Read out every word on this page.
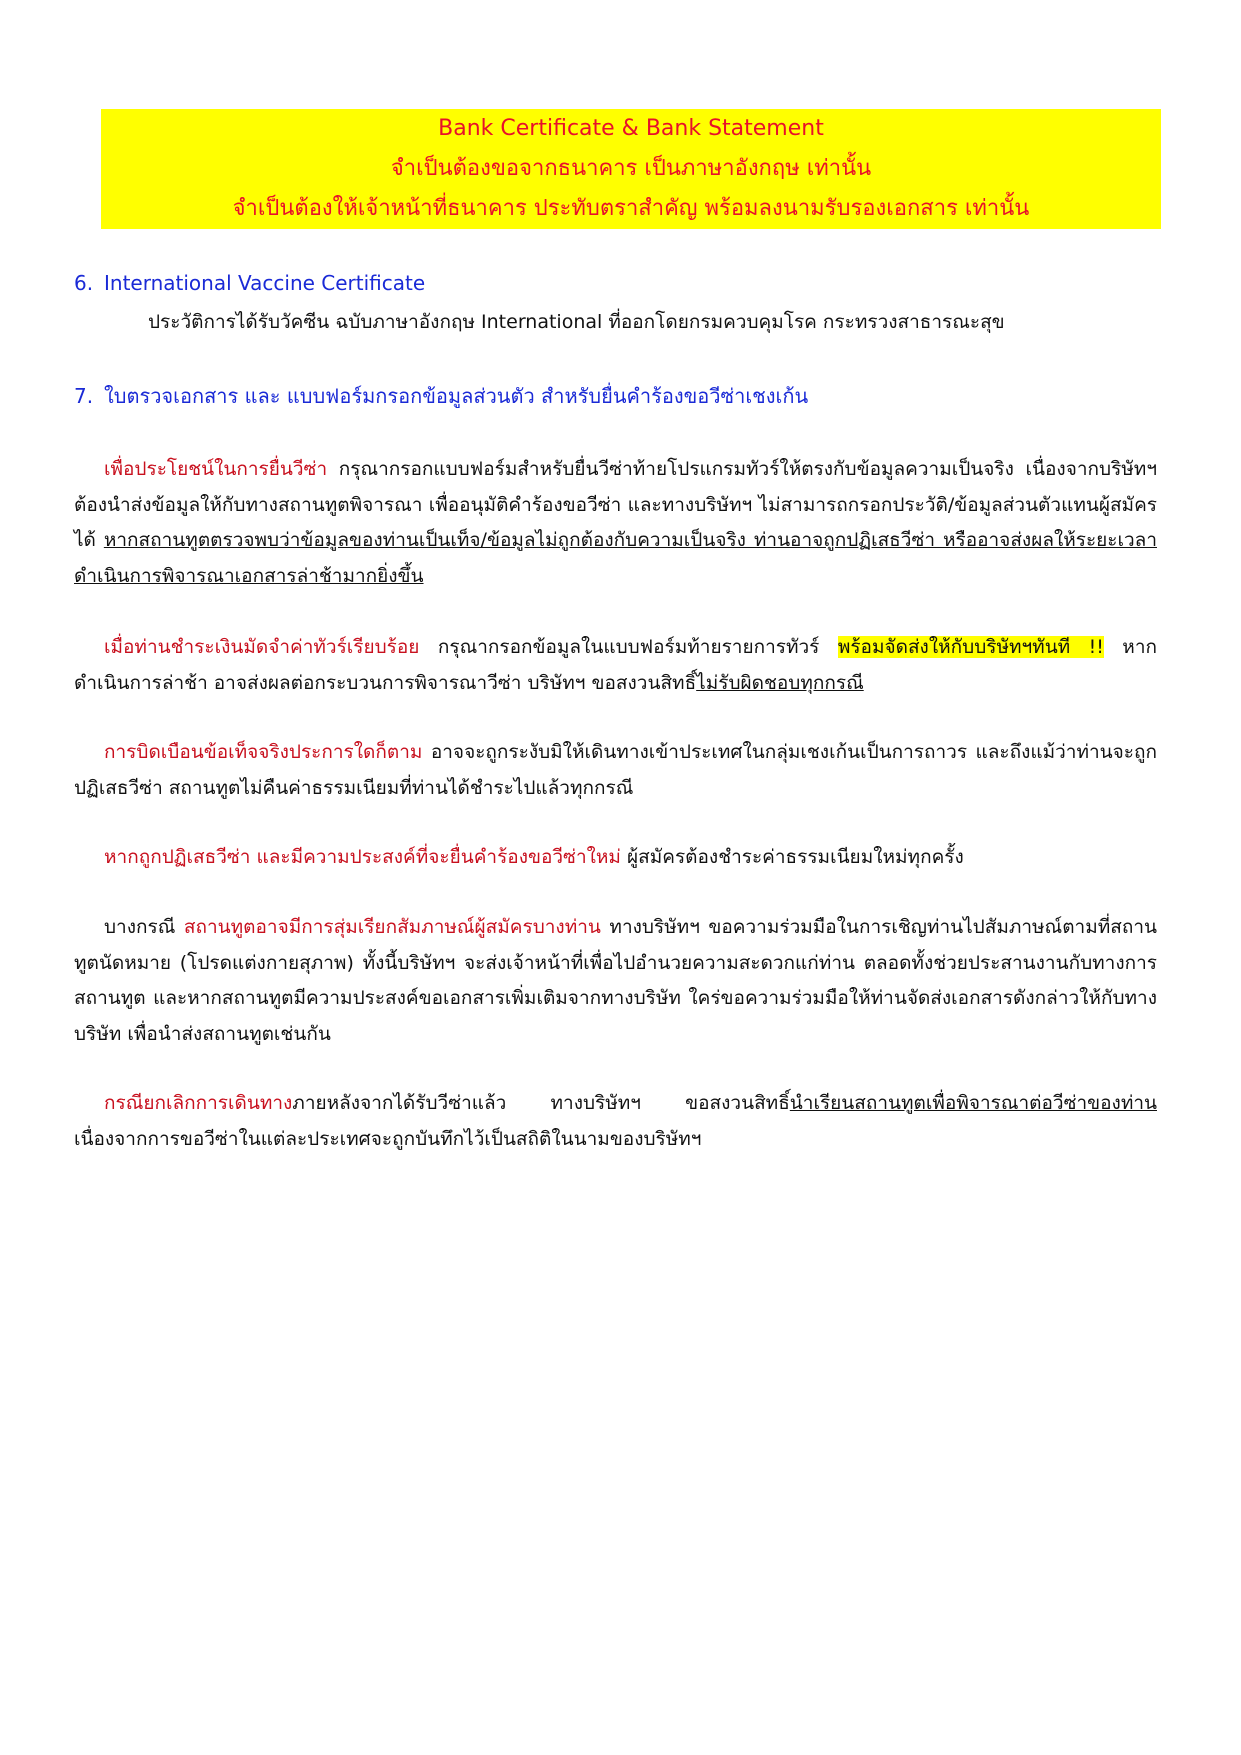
Bank Certificate & Bank Statement
จำเป็นต้องขอจากธนาคาร เป็นภาษาอังกฤษ เท่านั้น
จำเป็นต้องให้เจ้าหน้าที่ธนาคาร ประทับตราสำคัญ พร้อมลงนามรับรองเอกสาร เท่านั้น
6. International Vaccine Certificate
ประวัติการได้รับวัคซีน ฉบับภาษาอังกฤษ International ที่ออกโดยกรมควบคุมโรค กระทรวงสาธารณะสุข
7. ใบตรวจเอกสาร และ แบบฟอร์มกรอกข้อมูลส่วนตัว สำหรับยื่นคำร้องขอวีซ่าเชงเก้น
เพื่อประโยชน์ในการยื่นวีซ่า กรุณากรอกแบบฟอร์มสำหรับยื่นวีซ่าท้ายโปรแกรมทัวร์ให้ตรงกับข้อมูลความเป็นจริง เนื่องจากบริษัทฯ ต้องนำส่งข้อมูลให้กับทางสถานทูตพิจารณา เพื่ออนุมัติคำร้องขอวีซ่า และทางบริษัทฯ ไม่สามารถกรอกประวัติ/ข้อมูลส่วนตัวแทนผู้สมัครได้ หากสถานทูตตรวจพบว่าข้อมูลของท่านเป็นเท็จ/ข้อมูลไม่ถูกต้องกับความเป็นจริง ท่านอาจถูกปฏิเสธวีซ่า หรืออาจส่งผลให้ระยะเวลาดำเนินการพิจารณาเอกสารล่าช้ามากยิ่งขึ้น
เมื่อท่านชำระเงินมัดจำค่าทัวร์เรียบร้อย กรุณากรอกข้อมูลในแบบฟอร์มท้ายรายการทัวร์ พร้อมจัดส่งให้กับบริษัทฯทันที !! หากดำเนินการล่าช้า อาจส่งผลต่อกระบวนการพิจารณาวีซ่า บริษัทฯ ขอสงวนสิทธิ์ไม่รับผิดชอบทุกกรณี
การบิดเบือนข้อเท็จจริงประการใดก็ตาม อาจจะถูกระงับมิให้เดินทางเข้าประเทศในกลุ่มเชงเก้นเป็นการถาวร และถึงแม้ว่าท่านจะถูกปฏิเสธวีซ่า สถานทูตไม่คืนค่าธรรมเนียมที่ท่านได้ชำระไปแล้วทุกกรณี
หากถูกปฏิเสธวีซ่า และมีความประสงค์ที่จะยื่นคำร้องขอวีซ่าใหม่ ผู้สมัครต้องชำระค่าธรรมเนียมใหม่ทุกครั้ง
บางกรณี สถานทูตอาจมีการสุ่มเรียกสัมภาษณ์ผู้สมัครบางท่าน ทางบริษัทฯ ขอความร่วมมือในการเชิญท่านไปสัมภาษณ์ตามที่สถานทูตนัดหมาย (โปรดแต่งกายสุภาพ) ทั้งนี้บริษัทฯ จะส่งเจ้าหน้าที่เพื่อไปอำนวยความสะดวกแก่ท่าน ตลอดทั้งช่วยประสานงานกับทางการสถานทูต และหากสถานทูตมีความประสงค์ขอเอกสารเพิ่มเติมจากทางบริษัท ใคร่ขอความร่วมมือให้ท่านจัดส่งเอกสารดังกล่าวให้กับทางบริษัท เพื่อนำส่งสถานทูตเช่นกัน
กรณียกเลิกการเดินทางภายหลังจากได้รับวีซ่าแล้ว ทางบริษัทฯ ขอสงวนสิทธิ์นำเรียนสถานทูตเพื่อพิจารณาต่อวีซ่าของท่าน เนื่องจากการขอวีซ่าในแต่ละประเทศจะถูกบันทึกไว้เป็นสถิติในนามของบริษัทฯ
